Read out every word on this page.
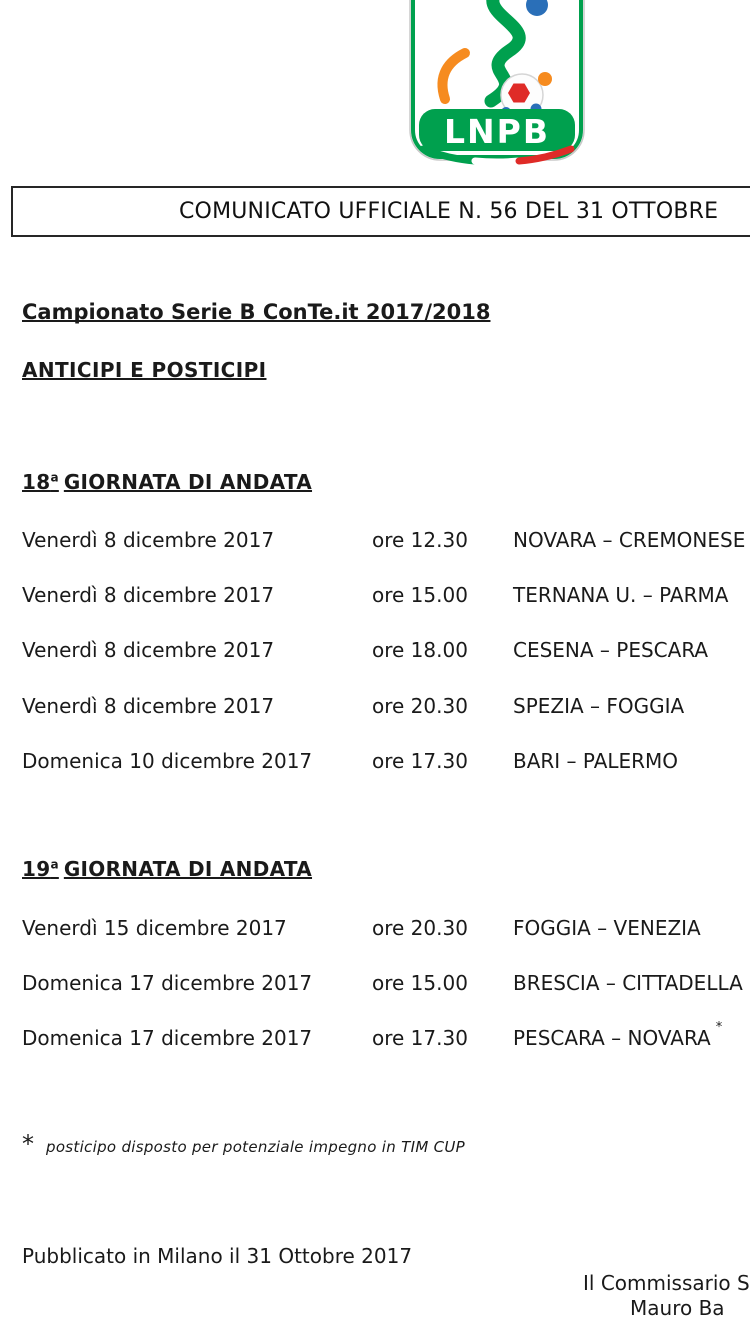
LNPB
COMUNICATO UFFICIALE N. 56 DEL 31 OTTOBRE
Campionato Serie B ConTe.it 2017/2018
ANTICIPI E POSTICIPI
18$^a$ GIORNATA DI ANDATA
Venerdì 8 dicembre 2017	ore 12.30 NOVARA – CREMONESE
Venerdì 8 dicembre 2017	ore 15.00 TERNANA U. – PARMA
Venerdì 8 dicembre 2017	ore 18.00 CESENA – PESCARA
Venerdì 8 dicembre 2017	ore 20.30 SPEZIA – FOGGIA
Domenica 10 dicembre 2017	ore 17.30 BARI – PALERMO
19$^a$ GIORNATA DI ANDATA
Venerdì 15 dicembre 2017	ore 20.30 FOGGIA – VENEZIA
Domenica 17 dicembre 2017	ore 15.00 BRESCIA – CITTADELLA
Domenica 17 dicembre 2017	ore 17.30 PESCARA – NOVARA *
* posticipo disposto per potenziale impegno in TIM CUP
Pubblicato in Milano il 31 Ottobre 2017
Il Commissario S
Mauro Ba
